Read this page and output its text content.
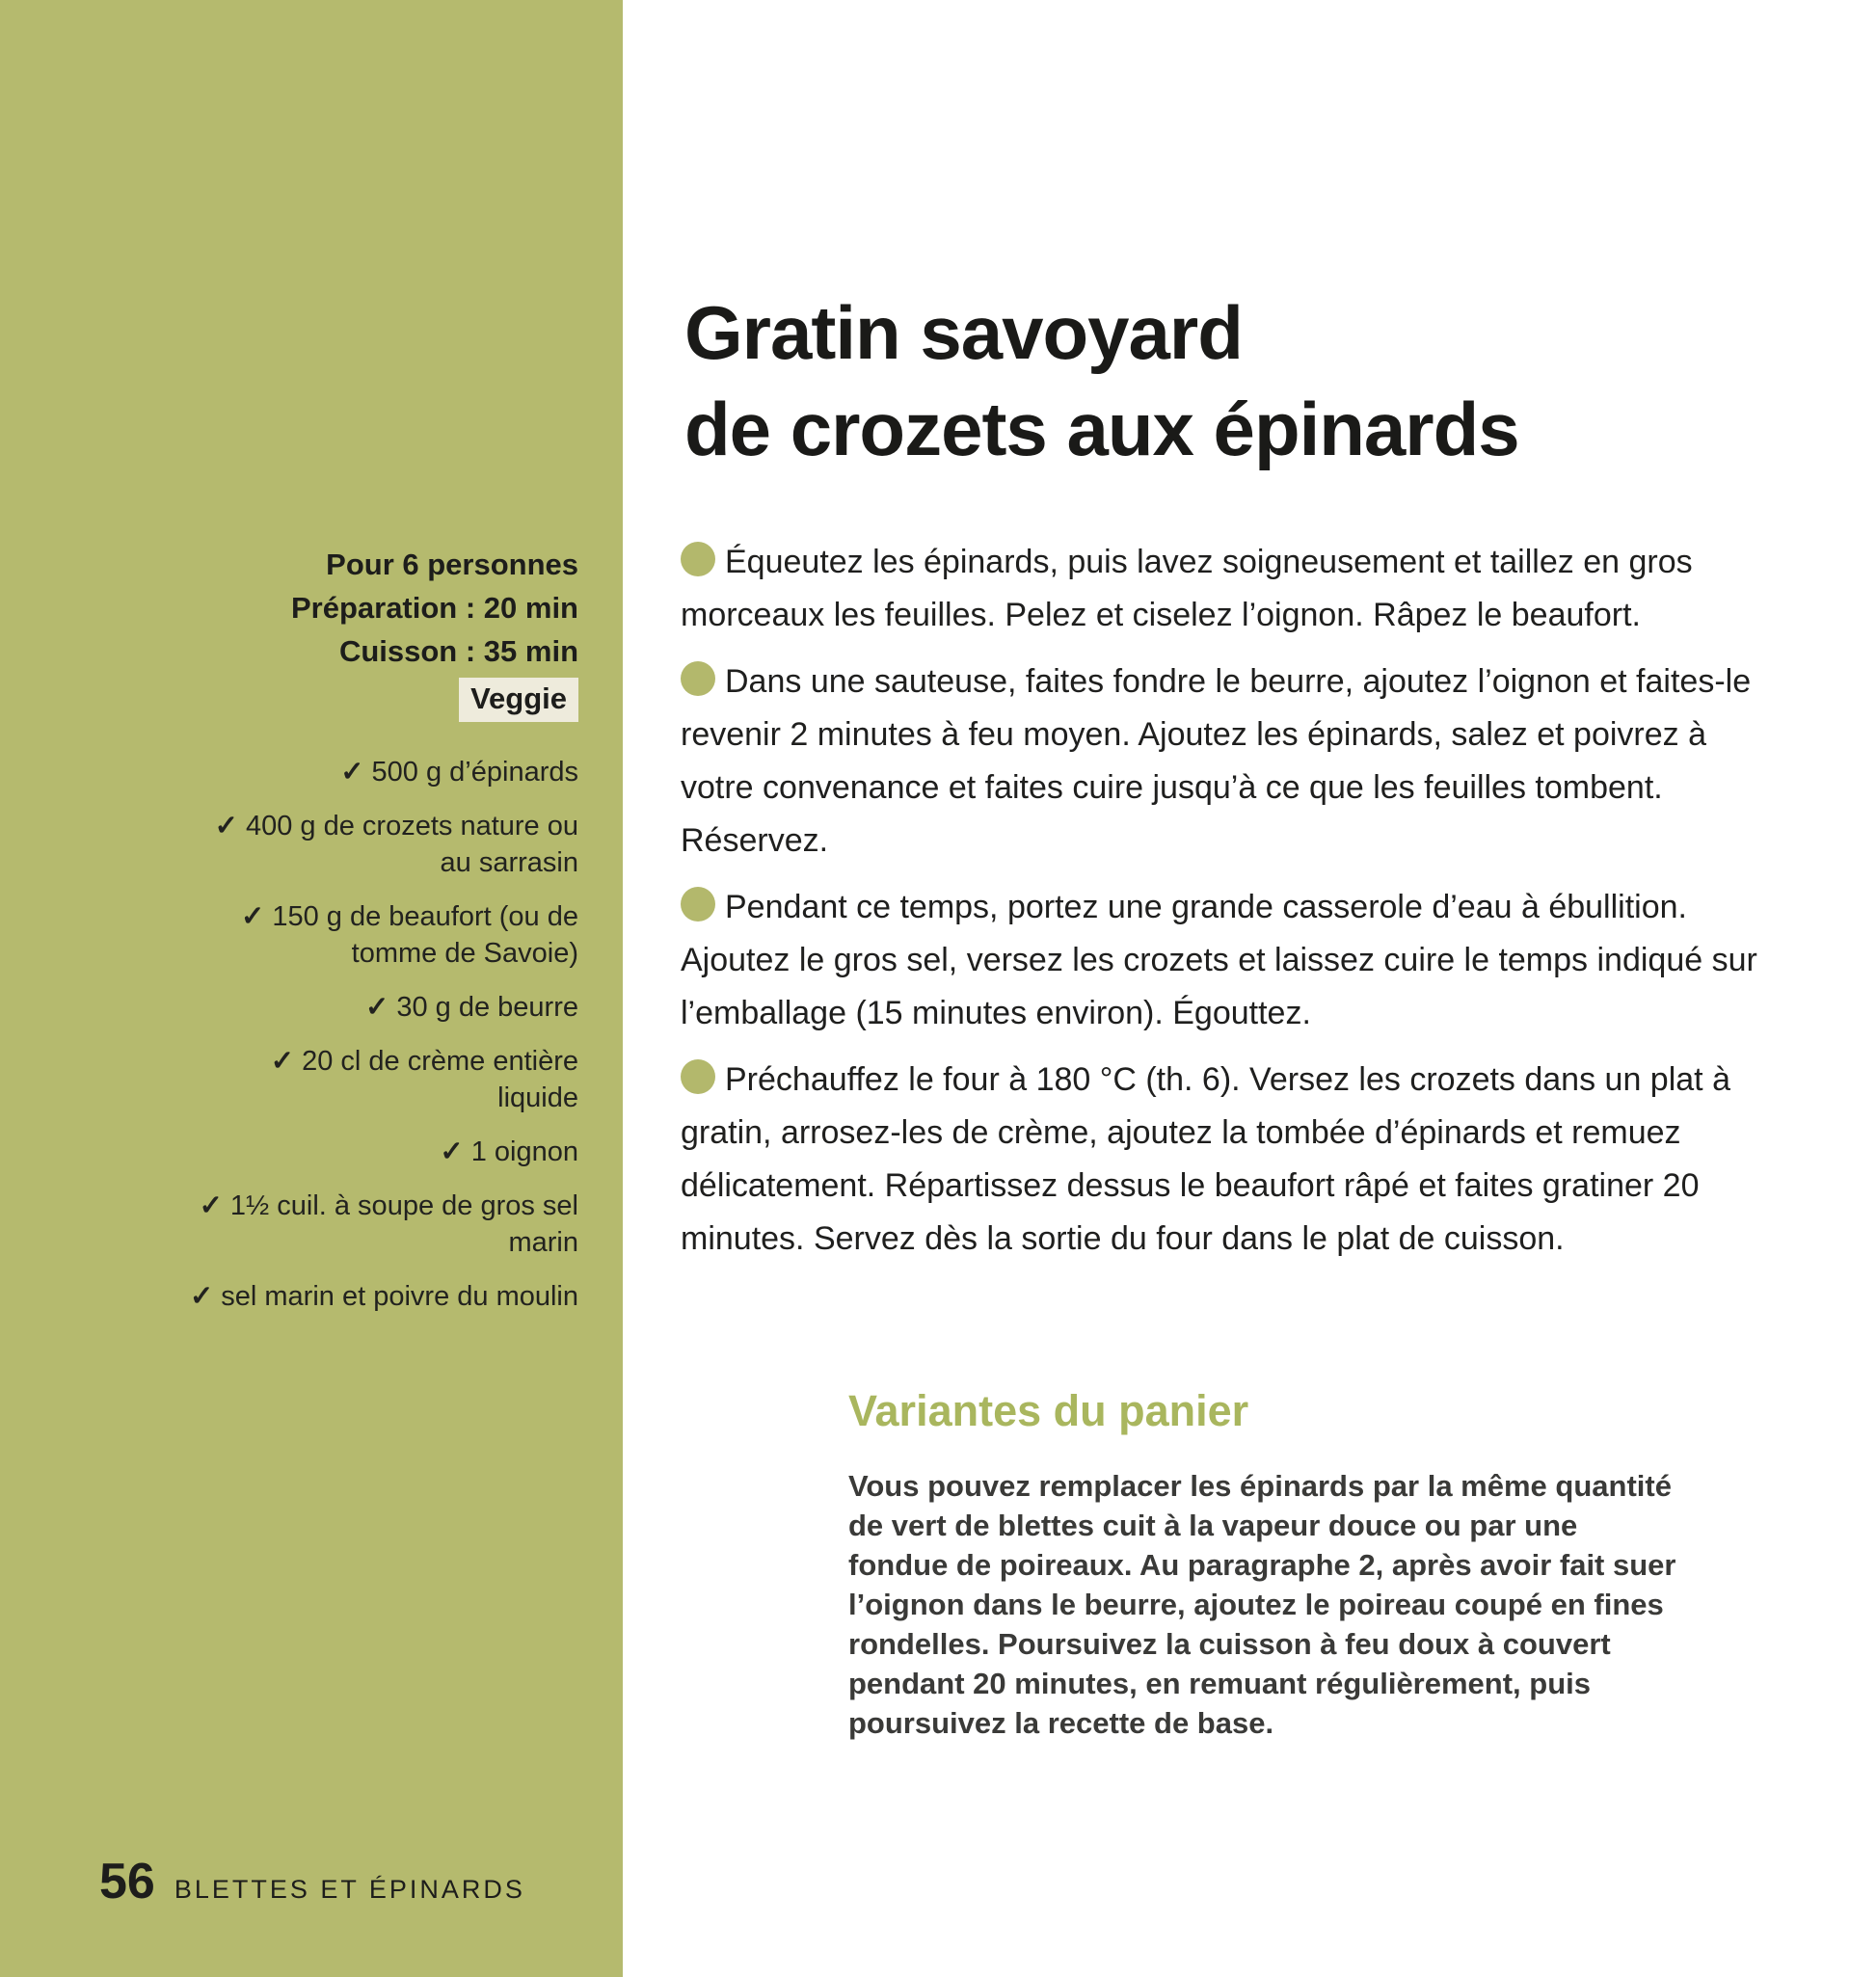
Pour 6 personnes
Préparation : 20 min
Cuisson : 35 min
Veggie
✓ 500 g d’épinards
✓ 400 g de crozets nature ou au sarrasin
✓ 150 g de beaufort (ou de tomme de Savoie)
✓ 30 g de beurre
✓ 20 cl de crème entière liquide
✓ 1 oignon
✓ 1½ cuil. à soupe de gros sel marin
✓ sel marin et poivre du moulin
56 BLETTES ET ÉPINARDS
Gratin savoyard
de crozets aux épinards

Équeutez les épinards, puis lavez soigneusement et taillez en gros morceaux les feuilles. Pelez et ciselez l’oignon. Râpez le beaufort.

Dans une sauteuse, faites fondre le beurre, ajoutez l’oignon et faites-le revenir 2 minutes à feu moyen. Ajoutez les épinards, salez et poivrez à votre convenance et faites cuire jusqu’à ce que les feuilles tombent. Réservez.

Pendant ce temps, portez une grande casserole d’eau à ébullition. Ajoutez le gros sel, versez les crozets et laissez cuire le temps indiqué sur l’emballage (15 minutes environ). Égouttez.

Préchauffez le four à 180 °C (th. 6). Versez les crozets dans un plat à gratin, arrosez-les de crème, ajoutez la tombée d’épinards et remuez délicatement. Répartissez dessus le beaufort râpé et faites gratiner 20 minutes. Servez dès la sortie du four dans le plat de cuisson.

Variantes du panier

Vous pouvez remplacer les épinards par la même quantité de vert de blettes cuit à la vapeur douce ou par une fondue de poireaux. Au paragraphe 2, après avoir fait suer l’oignon dans le beurre, ajoutez le poireau coupé en fines rondelles. Poursuivez la cuisson à feu doux à couvert pendant 20 minutes, en remuant régulièrement, puis poursuivez la recette de base.
